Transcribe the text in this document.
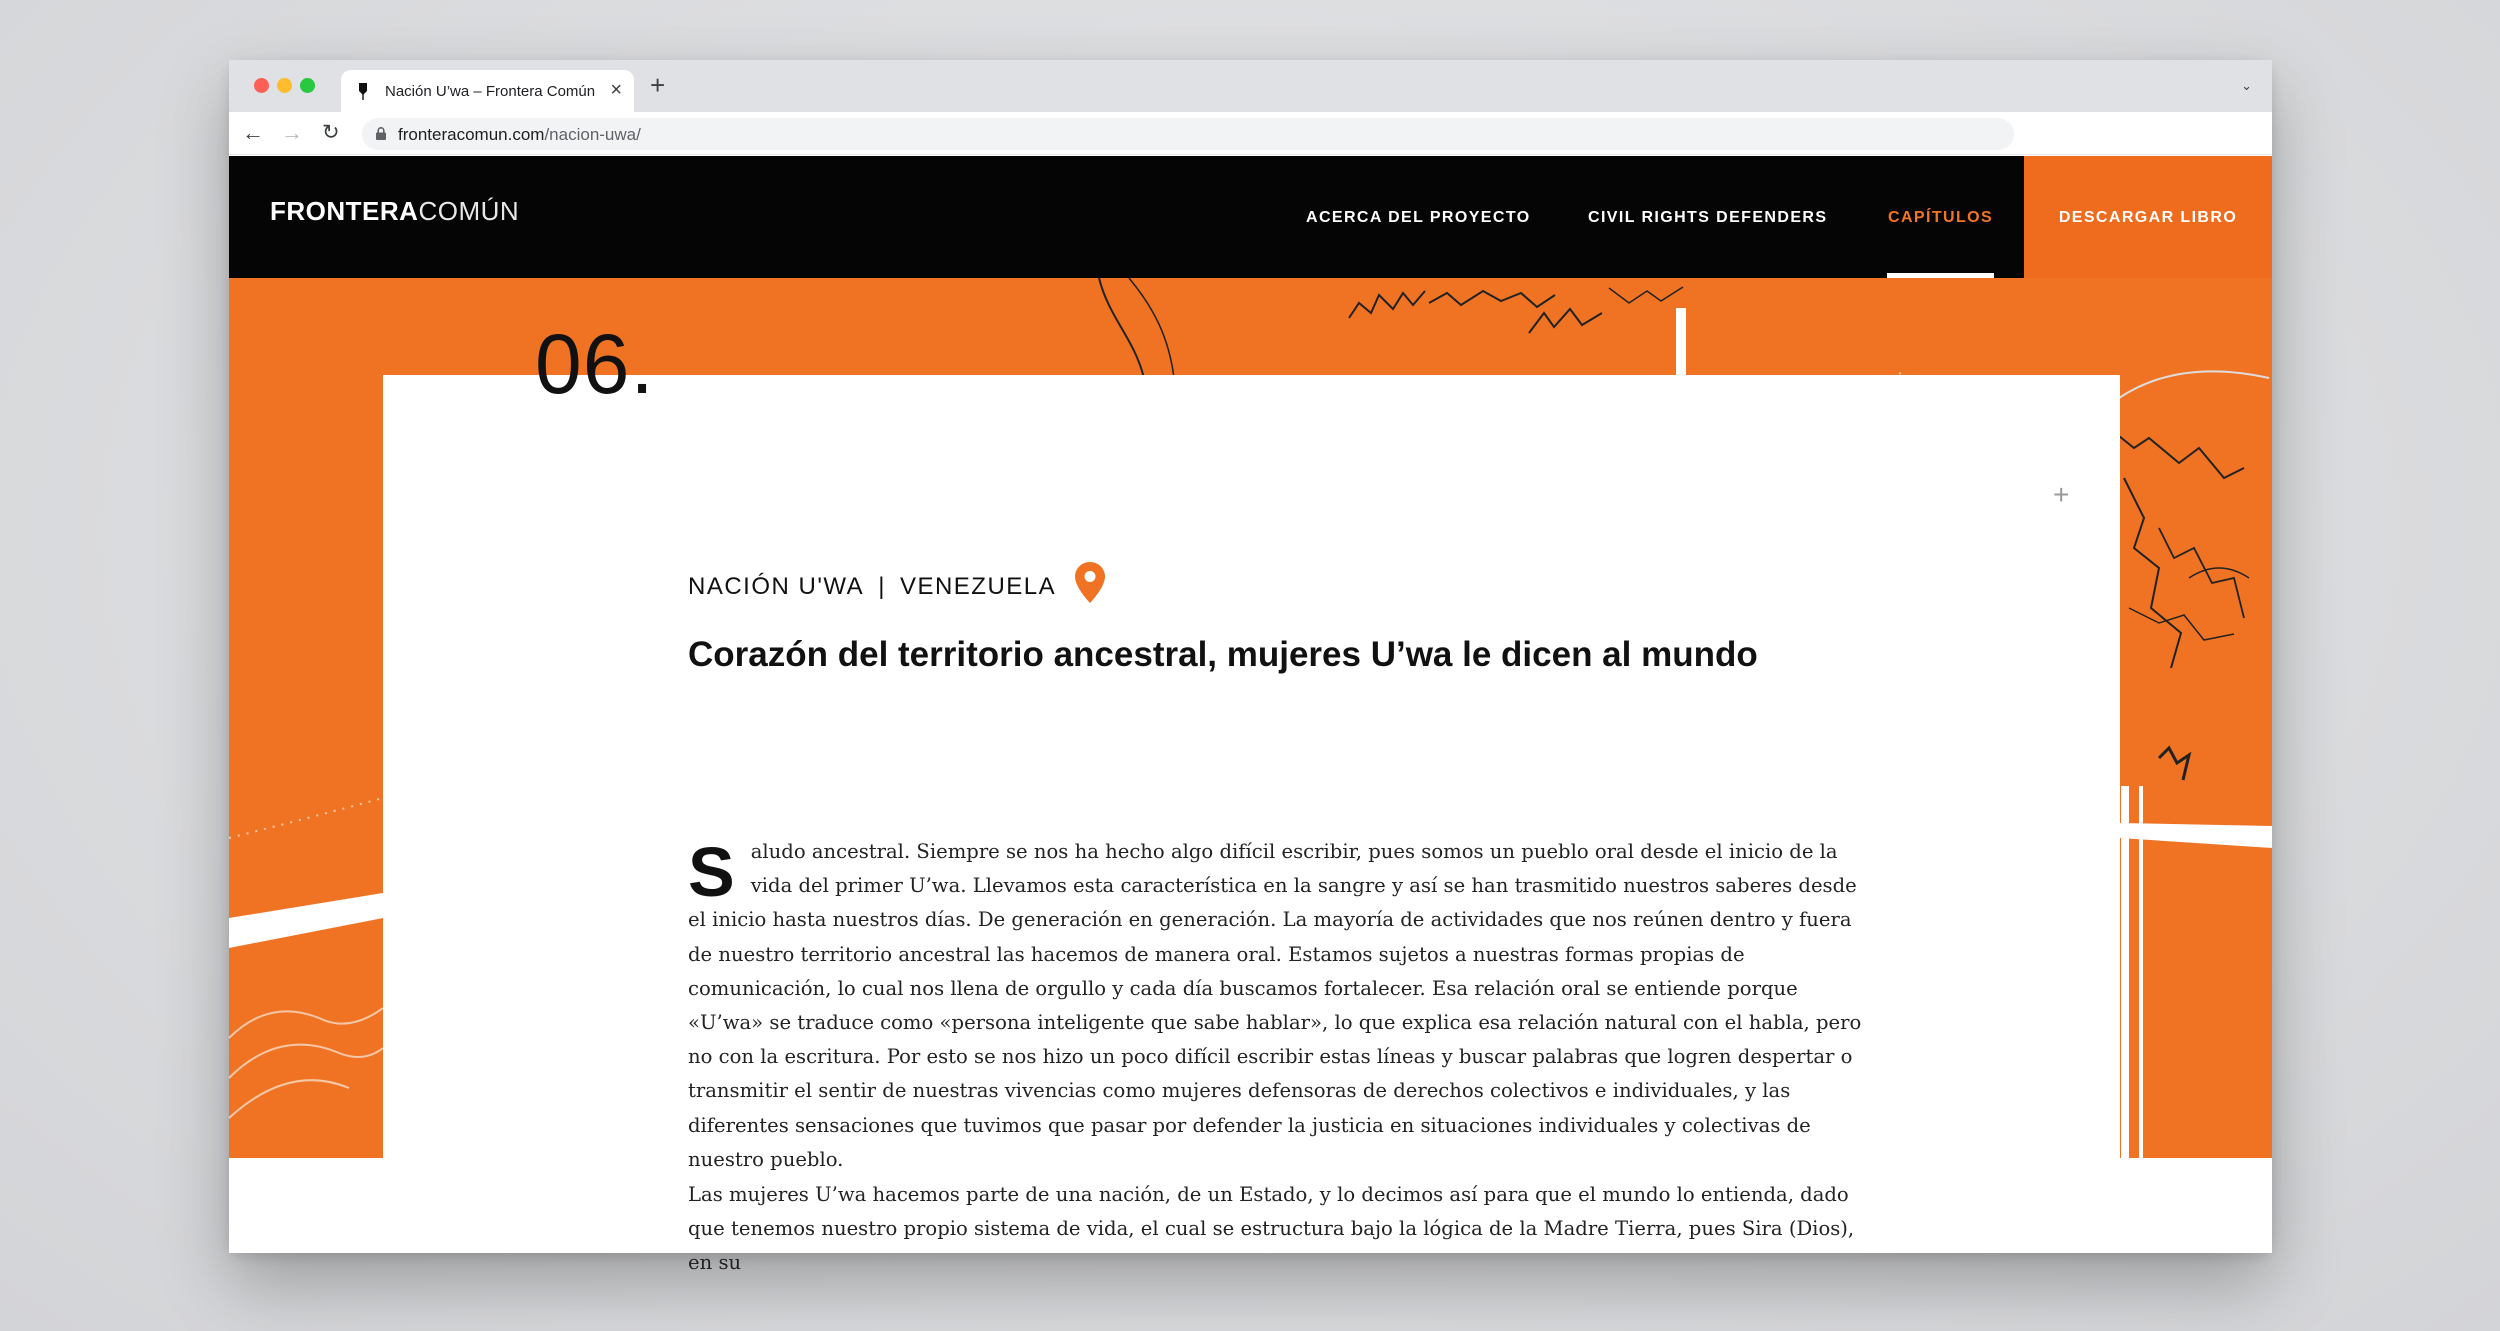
Nación U’wa – Frontera Común × +	⌄
← → ↻	fronteracomun.com/nacion-uwa/
FRONTERACOMÚN	ACERCA DEL PROYECTO	CIVIL RIGHTS DEFENDERS	CAPÍTULOS	DESCARGAR LIBRO
+
06.
NACIÓN U'WA | VENEZUELA
Corazón del territorio ancestral, mujeres U’wa le dicen al mundo
Saludo ancestral. Siempre se nos ha hecho algo difícil escribir, pues somos un pueblo oral desde el inicio de la vida del primer U’wa. Llevamos esta característica en la sangre y así se han trasmitido nuestros saberes desde el inicio hasta nuestros días. De generación en generación. La mayoría de actividades que nos reúnen dentro y fuera de nuestro territorio ancestral las hacemos de manera oral. Estamos sujetos a nuestras formas propias de comunicación, lo cual nos llena de orgullo y cada día buscamos fortalecer. Esa relación oral se entiende porque «U’wa» se traduce como «persona inteligente que sabe hablar», lo que explica esa relación natural con el habla, pero no con la escritura. Por esto se nos hizo un poco difícil escribir estas líneas y buscar palabras que logren despertar o transmitir el sentir de nuestras vivencias como mujeres defensoras de derechos colectivos e individuales, y las diferentes sensaciones que tuvimos que pasar por defender la justicia en situaciones individuales y colectivas de nuestro pueblo.
Las mujeres U’wa hacemos parte de una nación, de un Estado, y lo decimos así para que el mundo lo entienda, dado que tenemos nuestro propio sistema de vida, el cual se estructura bajo la lógica de la Madre Tierra, pues Sira (Dios), en su
